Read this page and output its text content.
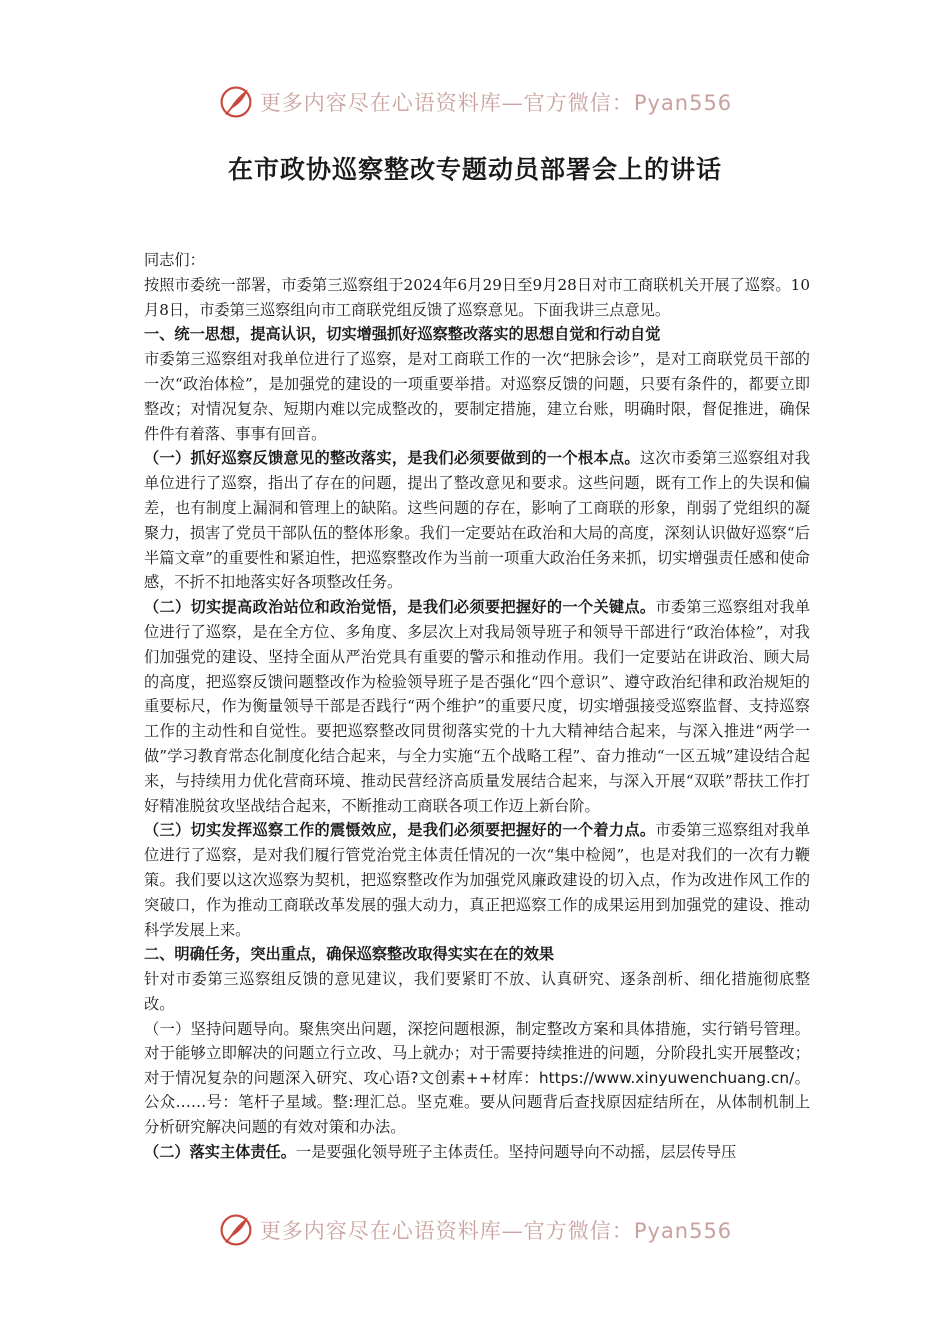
更多内容尽在心语资料库—官方微信：Pyan556
在市政协巡察整改专题动员部署会上的讲话

同志们：

按照市委统一部署，市委第三巡察组于2024年6月29日至9月28日对市工商联机关开展了巡察。10月8日，市委第三巡察组向市工商联党组反馈了巡察意见。下面我讲三点意见。

一、统一思想，提高认识，切实增强抓好巡察整改落实的思想自觉和行动自觉

市委第三巡察组对我单位进行了巡察，是对工商联工作的一次“把脉会诊”，是对工商联党员干部的一次“政治体检”，是加强党的建设的一项重要举措。对巡察反馈的问题，只要有条件的，都要立即整改；对情况复杂、短期内难以完成整改的，要制定措施，建立台账，明确时限，督促推进，确保件件有着落、事事有回音。

（一）抓好巡察反馈意见的整改落实，是我们必须要做到的一个根本点。这次市委第三巡察组对我单位进行了巡察，指出了存在的问题，提出了整改意见和要求。这些问题，既有工作上的失误和偏差，也有制度上漏洞和管理上的缺陷。这些问题的存在，影响了工商联的形象，削弱了党组织的凝聚力，损害了党员干部队伍的整体形象。我们一定要站在政治和大局的高度，深刻认识做好巡察“后半篇文章”的重要性和紧迫性，把巡察整改作为当前一项重大政治任务来抓，切实增强责任感和使命感，不折不扣地落实好各项整改任务。

（二）切实提高政治站位和政治觉悟，是我们必须要把握好的一个关键点。市委第三巡察组对我单位进行了巡察，是在全方位、多角度、多层次上对我局领导班子和领导干部进行“政治体检”，对我们加强党的建设、坚持全面从严治党具有重要的警示和推动作用。我们一定要站在讲政治、顾大局的高度，把巡察反馈问题整改作为检验领导班子是否强化“四个意识”、遵守政治纪律和政治规矩的重要标尺，作为衡量领导干部是否践行“两个维护”的重要尺度，切实增强接受巡察监督、支持巡察工作的主动性和自觉性。要把巡察整改同贯彻落实党的十九大精神结合起来，与深入推进“两学一做”学习教育常态化制度化结合起来，与全力实施“五个战略工程”、奋力推动“一区五城”建设结合起来，与持续用力优化营商环境、推动民营经济高质量发展结合起来，与深入开展“双联”帮扶工作打好精准脱贫攻坚战结合起来，不断推动工商联各项工作迈上新台阶。

（三）切实发挥巡察工作的震慑效应，是我们必须要把握好的一个着力点。市委第三巡察组对我单位进行了巡察，是对我们履行管党治党主体责任情况的一次“集中检阅”，也是对我们的一次有力鞭策。我们要以这次巡察为契机，把巡察整改作为加强党风廉政建设的切入点，作为改进作风工作的突破口，作为推动工商联改革发展的强大动力，真正把巡察工作的成果运用到加强党的建设、推动科学发展上来。

二、明确任务，突出重点，确保巡察整改取得实实在在的效果

针对市委第三巡察组反馈的意见建议，我们要紧盯不放、认真研究、逐条剖析、细化措施彻底整改。

（一）坚持问题导向。聚焦突出问题，深挖问题根源，制定整改方案和具体措施，实行销号管理。对于能够立即解决的问题立行立改、马上就办；对于需要持续推进的问题，分阶段扎实开展整改；对于情况复杂的问题深入研究、攻心语?文创素++材库：https://www.xinyuwenchuang.cn/。公众……号：笔杆子星域。整:理汇总。坚克难。要从问题背后查找原因症结所在，从体制机制上分析研究解决问题的有效对策和办法。

（二）落实主体责任。一是要强化领导班子主体责任。坚持问题导向不动摇，层层传导压

更多内容尽在心语资料库—官方微信：Pyan556
